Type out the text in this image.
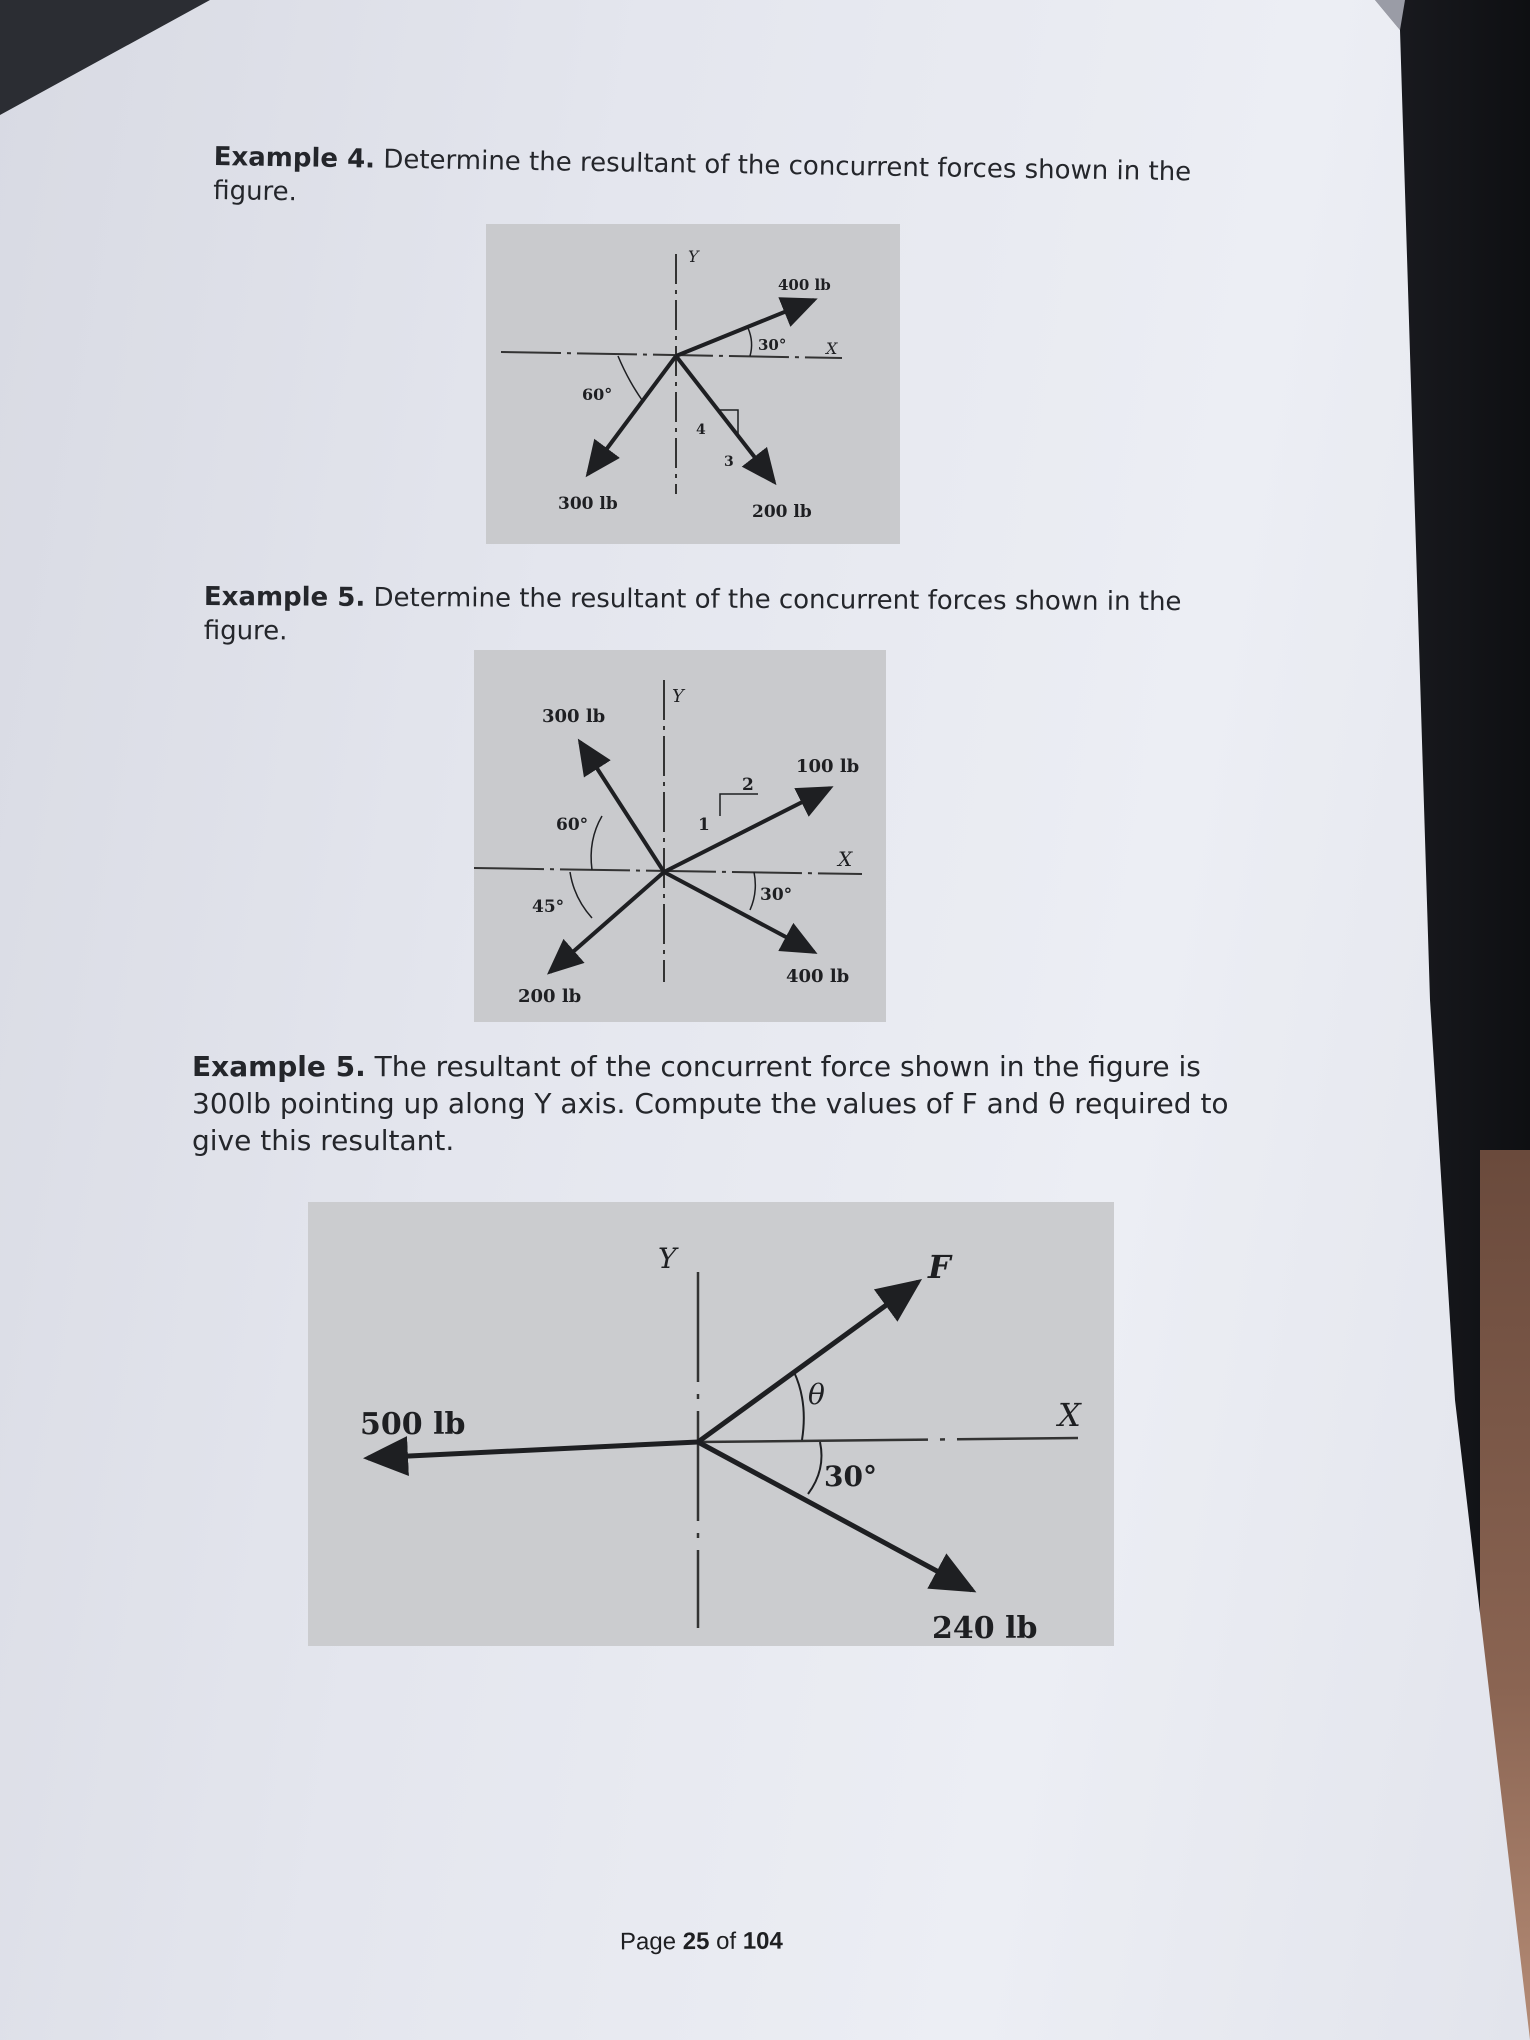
Example 4. Determine the resultant of the concurrent forces shown in the
figure.
Y
X
400 lb
300 lb	200 lb
30°
60°
4
3
Example 5. Determine the resultant of the concurrent forces shown in the
figure.
Y
X
300 lb
100 lb
400 lb
200 lb
60°
45°
30°
1
2
Example 5. The resultant of the concurrent force shown in the figure is
300lb pointing up along Y axis. Compute the values of F and θ required to
give this resultant.
Y
X
F
500 lb
240 lb
θ
30°
Page 25 of 104
